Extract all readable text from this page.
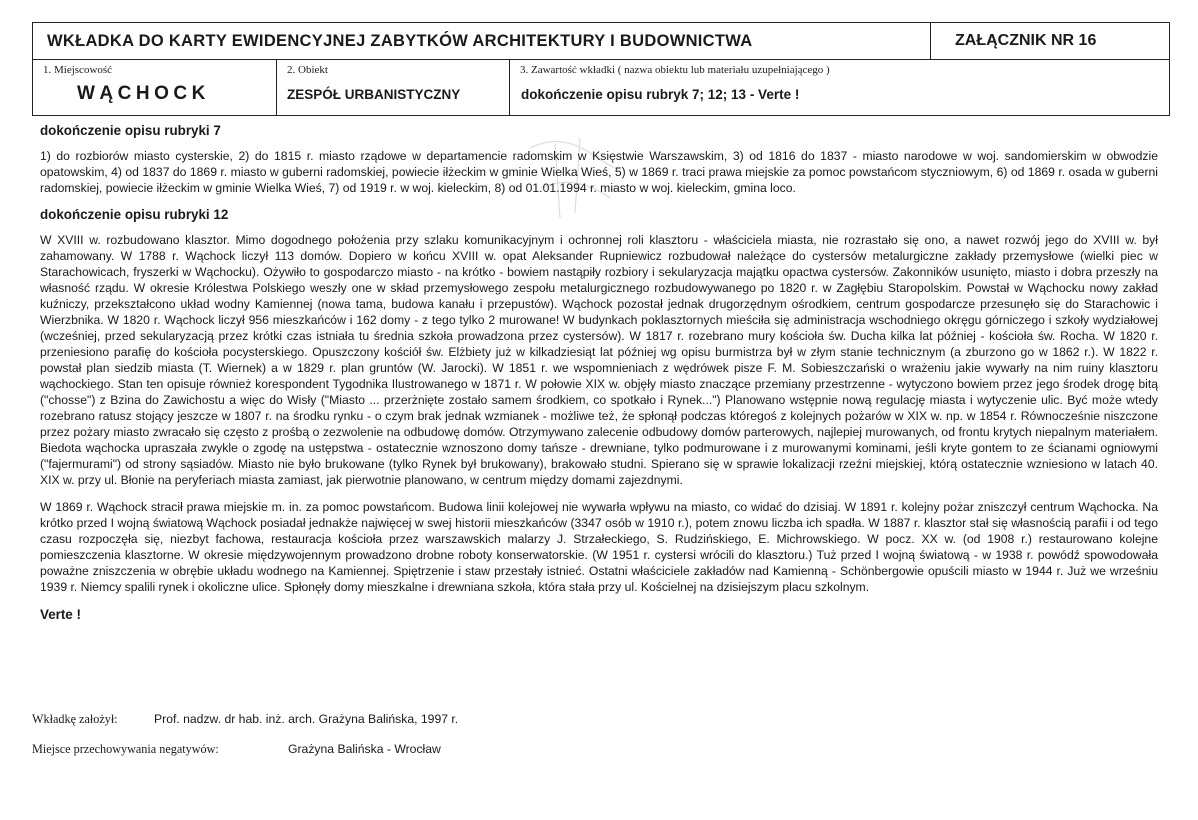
WKŁADKA DO KARTY EWIDENCYJNEJ ZABYTKÓW ARCHITEKTURY I BUDOWNICTWA	ZAŁĄCZNIK NR 16
1. Miejscowość
WĄCHOCK
2. Obiekt
ZESPÓŁ URBANISTYCZNY
3. Zawartość wkładki ( nazwa obiektu lub materiału uzupełniającego )
dokończenie opisu rubryk 7; 12; 13 - Verte !
dokończenie opisu rubryki 7

1) do rozbiorów miasto cysterskie, 2) do 1815 r. miasto rządowe w departamencie radomskim w Księstwie Warszawskim, 3) od 1816 do 1837 - miasto narodowe w woj. sandomierskim w obwodzie opatowskim, 4) od 1837 do 1869 r. miasto w guberni radomskiej, powiecie iłżeckim w gminie Wielka Wieś, 5) w 1869 r. traci prawa miejskie za pomoc powstańcom styczniowym, 6) od 1869 r. osada w guberni radomskiej, powiecie iłżeckim w gminie Wielka Wieś, 7) od 1919 r. w woj. kieleckim, 8) od 01.01.1994 r. miasto w woj. kieleckim, gmina loco.

dokończenie opisu rubryki 12

W XVIII w. rozbudowano klasztor. Mimo dogodnego położenia przy szlaku komunikacyjnym i ochronnej roli klasztoru - właściciela miasta, nie rozrastało się ono, a nawet rozwój jego do XVIII w. był zahamowany. W 1788 r. Wąchock liczył 113 domów. Dopiero w końcu XVIII w. opat Aleksander Rupniewicz rozbudował należące do cystersów metalurgiczne zakłady przemysłowe (wielki piec w Starachowicach, fryszerki w Wąchocku). Ożywiło to gospodarczo miasto - na krótko - bowiem nastąpiły rozbiory i sekularyzacja majątku opactwa cystersów. Zakonników usunięto, miasto i dobra przeszły na własność rządu. W okresie Królestwa Polskiego weszły one w skład przemysłowego zespołu metalurgicznego rozbudowywanego po 1820 r. w Zagłębiu Staropolskim. Powstał w Wąchocku nowy zakład kuźniczy, przekształcono układ wodny Kamiennej (nowa tama, budowa kanału i przepustów). Wąchock pozostał jednak drugorzędnym ośrodkiem, centrum gospodarcze przesunęło się do Starachowic i Wierzbnika. W 1820 r. Wąchock liczył 956 mieszkańców i 162 domy - z tego tylko 2 murowane! W budynkach poklasztornych mieściła się administracja wschodniego okręgu górniczego i szkoły wydziałowej (wcześniej, przed sekularyzacją przez krótki czas istniała tu średnia szkoła prowadzona przez cystersów). W 1817 r. rozebrano mury kościoła św. Ducha kilka lat później - kościoła św. Rocha. W 1820 r. przeniesiono parafię do kościoła pocysterskiego. Opuszczony kościół św. Elżbiety już w kilkadziesiąt lat później wg opisu burmistrza był w złym stanie technicznym (a zburzono go w 1862 r.). W 1822 r. powstał plan siedzib miasta (T. Wiernek) a w 1829 r. plan gruntów (W. Jarocki). W 1851 r. we wspomnieniach z wędrówek pisze F. M. Sobieszczański o wrażeniu jakie wywarły na nim ruiny klasztoru wąchockiego. Stan ten opisuje również korespondent Tygodnika Ilustrowanego w 1871 r. W połowie XIX w. objęły miasto znaczące przemiany przestrzenne - wytyczono bowiem przez jego środek drogę bitą ("chosse") z Bzina do Zawichostu a więc do Wisły ("Miasto ... przerżnięte zostało samem środkiem, co spotkało i Rynek...") Planowano wstępnie nową regulację miasta i wytyczenie ulic. Być może wtedy rozebrano ratusz stojący jeszcze w 1807 r. na środku rynku - o czym brak jednak wzmianek - możliwe też, że spłonął podczas któregoś z kolejnych pożarów w XIX w. np. w 1854 r. Równocześnie niszczone przez pożary miasto zwracało się często z prośbą o zezwolenie na odbudowę domów. Otrzymywano zalecenie odbudowy domów parterowych, najlepiej murowanych, od frontu krytych niepalnym materiałem. Biedota wąchocka upraszała zwykle o zgodę na ustępstwa - ostatecznie wznoszono domy tańsze - drewniane, tylko podmurowane i z murowanymi kominami, jeśli kryte gontem to ze ścianami ogniowymi ("fajermurami") od strony sąsiadów. Miasto nie było brukowane (tylko Rynek był brukowany), brakowało studni. Spierano się w sprawie lokalizacji rzeźni miejskiej, którą ostatecznie wzniesiono w latach 40. XIX w. przy ul. Błonie na peryferiach miasta zamiast, jak pierwotnie planowano, w centrum między domami zajezdnymi.

W 1869 r. Wąchock stracił prawa miejskie m. in. za pomoc powstańcom. Budowa linii kolejowej nie wywarła wpływu na miasto, co widać do dzisiaj. W 1891 r. kolejny pożar zniszczył centrum Wąchocka. Na krótko przed I wojną światową Wąchock posiadał jednakże najwięcej w swej historii mieszkańców (3347 osób w 1910 r.), potem znowu liczba ich spadła. W 1887 r. klasztor stał się własnością parafii i od tego czasu rozpoczęła się, niezbyt fachowa, restauracja kościoła przez warszawskich malarzy J. Strzałeckiego, S. Rudzińskiego, E. Michrowskiego. W pocz. XX w. (od 1908 r.) restaurowano kolejne pomieszczenia klasztorne. W okresie międzywojennym prowadzono drobne roboty konserwatorskie. (W 1951 r. cystersi wrócili do klasztoru.) Tuż przed I wojną światową - w 1938 r. powódź spowodowała poważne zniszczenia w obrębie układu wodnego na Kamiennej. Spiętrzenie i staw przestały istnieć. Ostatni właściciele zakładów nad Kamienną - Schönbergowie opuścili miasto w 1944 r. Już we wrześniu 1939 r. Niemcy spalili rynek i okoliczne ulice. Spłonęły domy mieszkalne i drewniana szkoła, która stała przy ul. Kościelnej na dzisiejszym placu szkolnym.

Verte !
Wkładkę założył:	Prof. nadzw. dr hab. inż. arch. Grażyna Balińska, 1997 r.
Miejsce przechowywania negatywów:	Grażyna Balińska - Wrocław
